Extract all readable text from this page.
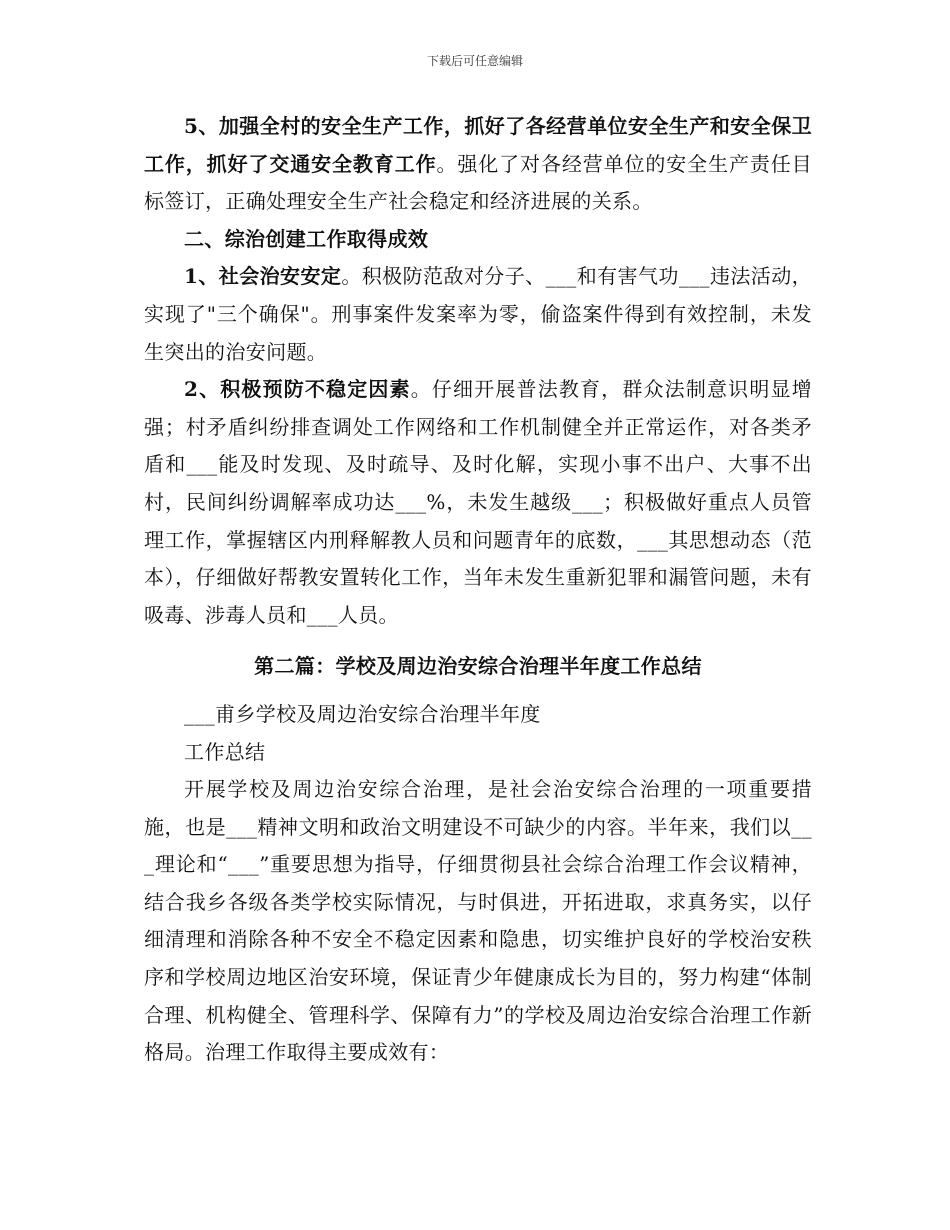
下载后可任意编辑

5、加强全村的安全生产工作，抓好了各经营单位安全生产和安全保卫工作，抓好了交通安全教育工作。强化了对各经营单位的安全生产责任目标签订，正确处理安全生产社会稳定和经济进展的关系。

二、综治创建工作取得成效

1、社会治安安定。积极防范敌对分子、___和有害气功___违法活动，实现了"三个确保"。刑事案件发案率为零，偷盗案件得到有效控制，未发生突出的治安问题。

2、积极预防不稳定因素。仔细开展普法教育，群众法制意识明显增强；村矛盾纠纷排查调处工作网络和工作机制健全并正常运作，对各类矛盾和___能及时发现、及时疏导、及时化解，实现小事不出户、大事不出村，民间纠纷调解率成功达___%，未发生越级___；积极做好重点人员管理工作，掌握辖区内刑释解教人员和问题青年的底数，___其思想动态（范本），仔细做好帮教安置转化工作，当年未发生重新犯罪和漏管问题，未有吸毒、涉毒人员和___人员。

第二篇：学校及周边治安综合治理半年度工作总结

___甫乡学校及周边治安综合治理半年度

工作总结

开展学校及周边治安综合治理，是社会治安综合治理的一项重要措施，也是___精神文明和政治文明建设不可缺少的内容。半年来，我们以___理论和“___”重要思想为指导，仔细贯彻县社会综合治理工作会议精神，结合我乡各级各类学校实际情况，与时俱进，开拓进取，求真务实，以仔细清理和消除各种不安全不稳定因素和隐患，切实维护良好的学校治安秩序和学校周边地区治安环境，保证青少年健康成长为目的，努力构建“体制合理、机构健全、管理科学、保障有力”的学校及周边治安综合治理工作新格局。治理工作取得主要成效有：
